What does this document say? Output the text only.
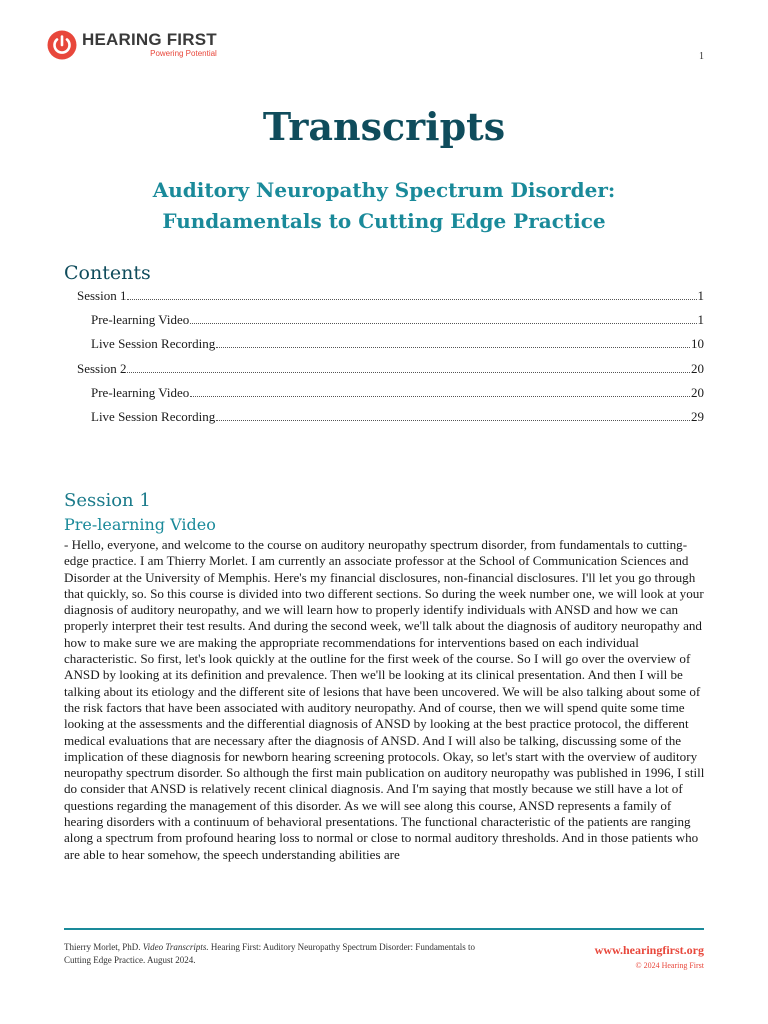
HEARING FIRST
Powering Potential	1
Transcripts
Auditory Neuropathy Spectrum Disorder:
Fundamentals to Cutting Edge Practice
Contents
Session 1	1
Pre-learning Video	1
Live Session Recording	10
Session 2	20
Pre-learning Video	20
Live Session Recording	29
Session 1
Pre-learning Video

- Hello, everyone, and welcome to the course on auditory neuropathy spectrum disorder, from fundamentals to cutting-edge practice. I am Thierry Morlet. I am currently an associate professor at the School of Communication Sciences and Disorder at the University of Memphis. Here's my financial disclosures, non-financial disclosures. I'll let you go through that quickly, so. So this course is divided into two different sections. So during the week number one, we will look at your diagnosis of auditory neuropathy, and we will learn how to properly identify individuals with ANSD and how we can properly interpret their test results. And during the second week, we'll talk about the diagnosis of auditory neuropathy and how to make sure we are making the appropriate recommendations for interventions based on each individual characteristic. So first, let's look quickly at the outline for the first week of the course. So I will go over the overview of ANSD by looking at its definition and prevalence. Then we'll be looking at its clinical presentation. And then I will be talking about its etiology and the different site of lesions that have been uncovered. We will be also talking about some of the risk factors that have been associated with auditory neuropathy. And of course, then we will spend quite some time looking at the assessments and the differential diagnosis of ANSD by looking at the best practice protocol, the different medical evaluations that are necessary after the diagnosis of ANSD. And I will also be talking, discussing some of the implication of these diagnosis for newborn hearing screening protocols. Okay, so let's start with the overview of auditory neuropathy spectrum disorder. So although the first main publication on auditory neuropathy was published in 1996, I still do consider that ANSD is relatively recent clinical diagnosis. And I'm saying that mostly because we still have a lot of questions regarding the management of this disorder. As we will see along this course, ANSD represents a family of hearing disorders with a continuum of behavioral presentations. The functional characteristic of the patients are ranging along a spectrum from profound hearing loss to normal or close to normal auditory thresholds. And in those patients who are able to hear somehow, the speech understanding abilities are

Thierry Morlet, PhD. Video Transcripts. Hearing First: Auditory Neuropathy Spectrum Disorder: Fundamentals to Cutting Edge Practice. August 2024.
www.hearingfirst.org
© 2024 Hearing First
